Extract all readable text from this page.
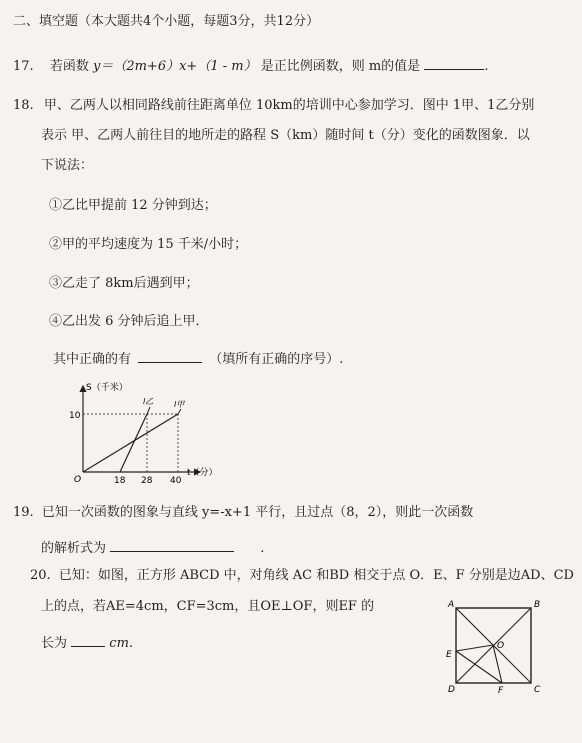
二、填空题（本大题共4个小题，每题3分，共12分）
17. 若函数 y＝（2m+6）x+（1 - m） 是正比例函数，则 m的值是	.
18. 甲、乙两人以相同路线前往距离单位 10km的培训中心参加学习．图中 1甲、1乙分别
表示 甲、乙两人前往目的地所走的路程 S（km）随时间 t（分）变化的函数图象．以
下说法：
①乙比甲提前 12 分钟到达；
②甲的平均速度为 15 千米/小时；
③乙走了 8km后遇到甲；
④乙出发 6 分钟后追上甲．
其中正确的有	（填所有正确的序号）.
S（千米）
10
O	18 28 40
t（分）
l乙	l甲
19. 已知一次函数的图象与直线 y=-x+1 平行，且过点（8，2），则此一次函数
的解析式为	.
20. 已知：如图，正方形 ABCD 中，对角线 AC 和BD 相交于点 O．E、F 分别是边AD、CD
上的点，若AE=4cm，CF=3cm，且OE⊥OF，则EF 的
长为	cm.
A	B
C
D
E
F
O
